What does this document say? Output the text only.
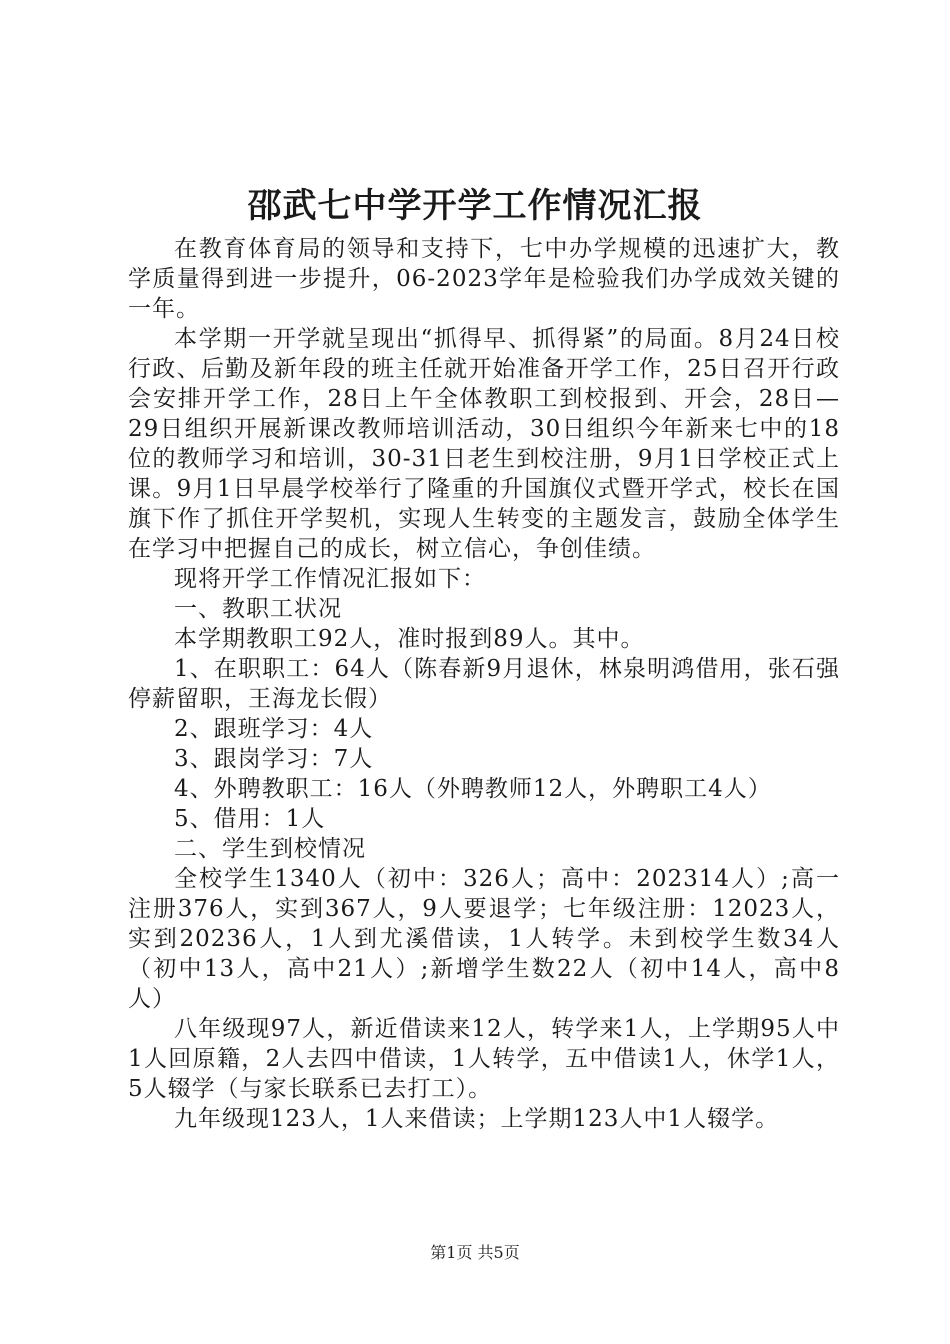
邵武七中学开学工作情况汇报

在教育体育局的领导和支持下，七中办学规模的迅速扩大，教学质量得到进一步提升，06-2023学年是检验我们办学成效关键的一年。

本学期一开学就呈现出“抓得早、抓得紧”的局面。8月24日校行政、后勤及新年段的班主任就开始准备开学工作，25日召开行政会安排开学工作，28日上午全体教职工到校报到、开会，28日—29日组织开展新课改教师培训活动，30日组织今年新来七中的18位的教师学习和培训，30-31日老生到校注册，9月1日学校正式上课。9月1日早晨学校举行了隆重的升国旗仪式暨开学式，校长在国旗下作了抓住开学契机，实现人生转变的主题发言，鼓励全体学生在学习中把握自己的成长，树立信心，争创佳绩。

现将开学工作情况汇报如下：

一、教职工状况

本学期教职工92人，准时报到89人。其中。

1、在职职工：64人（陈春新9月退休，林泉明鸿借用，张石强停薪留职，王海龙长假）

2、跟班学习：4人

3、跟岗学习：7人

4、外聘教职工：16人（外聘教师12人，外聘职工4人）

5、借用：1人

二、学生到校情况

全校学生1340人（初中：326人；高中：202314人）;高一注册376人，实到367人，9人要退学；七年级注册：12023人，实到20236人，1人到尤溪借读，1人转学。未到校学生数34人（初中13人，高中21人）;新增学生数22人（初中14人，高中8人）

八年级现97人，新近借读来12人，转学来1人，上学期95人中1人回原籍，2人去四中借读，1人转学，五中借读1人，休学1人，5人辍学（与家长联系已去打工）。

九年级现123人，1人来借读；上学期123人中1人辍学。

第1页 共5页
